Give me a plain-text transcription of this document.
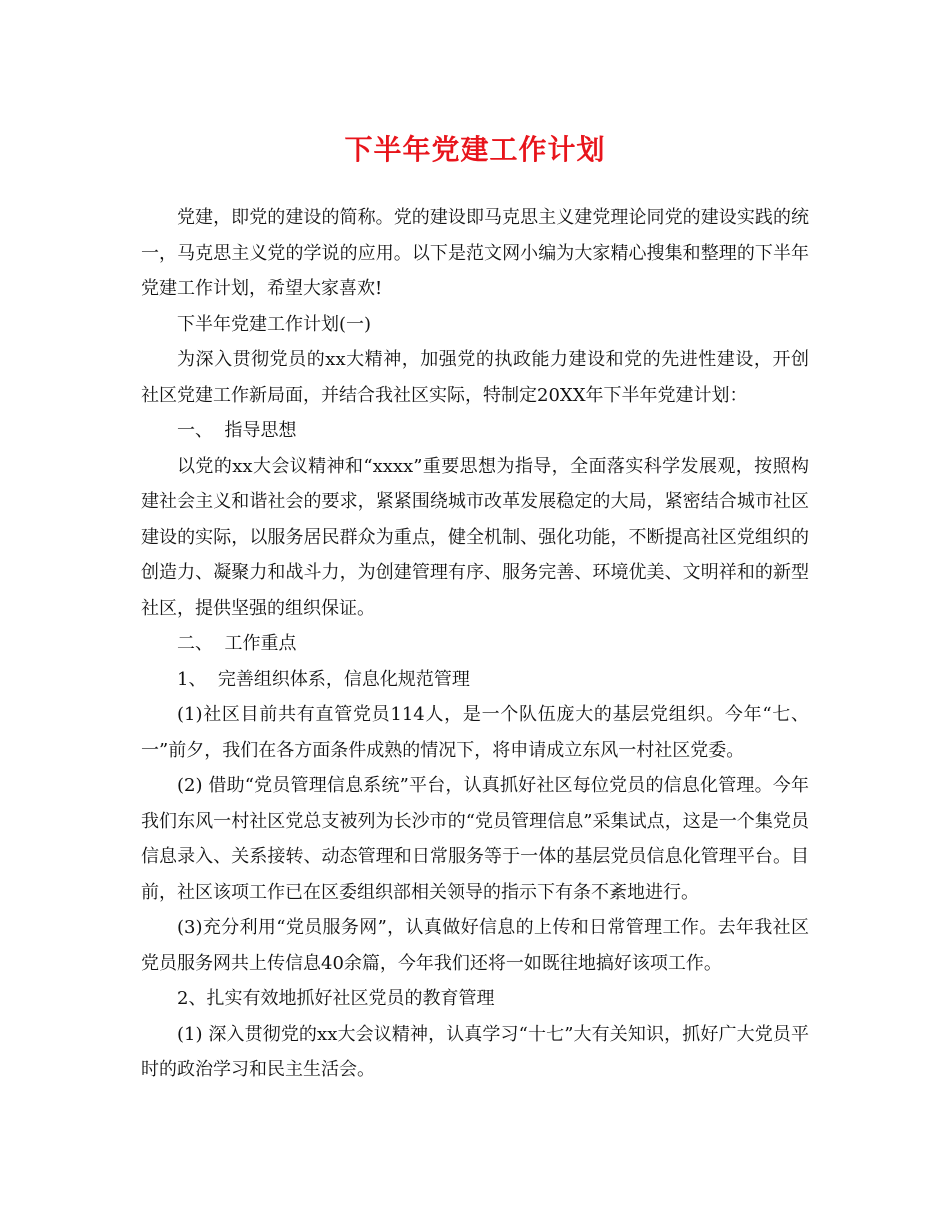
下半年党建工作计划

党建，即党的建设的简称。党的建设即马克思主义建党理论同党的建设实践的统一，马克思主义党的学说的应用。以下是范文网小编为大家精心搜集和整理的下半年党建工作计划，希望大家喜欢!

下半年党建工作计划(一)

为深入贯彻党员的xx大精神，加强党的执政能力建设和党的先进性建设，开创社区党建工作新局面，并结合我社区实际，特制定20XX年下半年党建计划：

一、  指导思想

以党的xx大会议精神和“xxxx”重要思想为指导，全面落实科学发展观，按照构建社会主义和谐社会的要求，紧紧围绕城市改革发展稳定的大局，紧密结合城市社区建设的实际，以服务居民群众为重点，健全机制、强化功能，不断提高社区党组织的创造力、凝聚力和战斗力，为创建管理有序、服务完善、环境优美、文明祥和的新型社区，提供坚强的组织保证。

二、  工作重点

1、  完善组织体系，信息化规范管理

(1)社区目前共有直管党员114人，是一个队伍庞大的基层党组织。今年“七、一”前夕，我们在各方面条件成熟的情况下，将申请成立东风一村社区党委。

(2) 借助“党员管理信息系统”平台，认真抓好社区每位党员的信息化管理。今年我们东风一村社区党总支被列为长沙市的“党员管理信息”采集试点，这是一个集党员信息录入、关系接转、动态管理和日常服务等于一体的基层党员信息化管理平台。目前，社区该项工作已在区委组织部相关领导的指示下有条不紊地进行。

(3)充分利用“党员服务网”，认真做好信息的上传和日常管理工作。去年我社区党员服务网共上传信息40余篇，今年我们还将一如既往地搞好该项工作。

2、扎实有效地抓好社区党员的教育管理

(1) 深入贯彻党的xx大会议精神，认真学习“十七”大有关知识，抓好广大党员平时的政治学习和民主生活会。
